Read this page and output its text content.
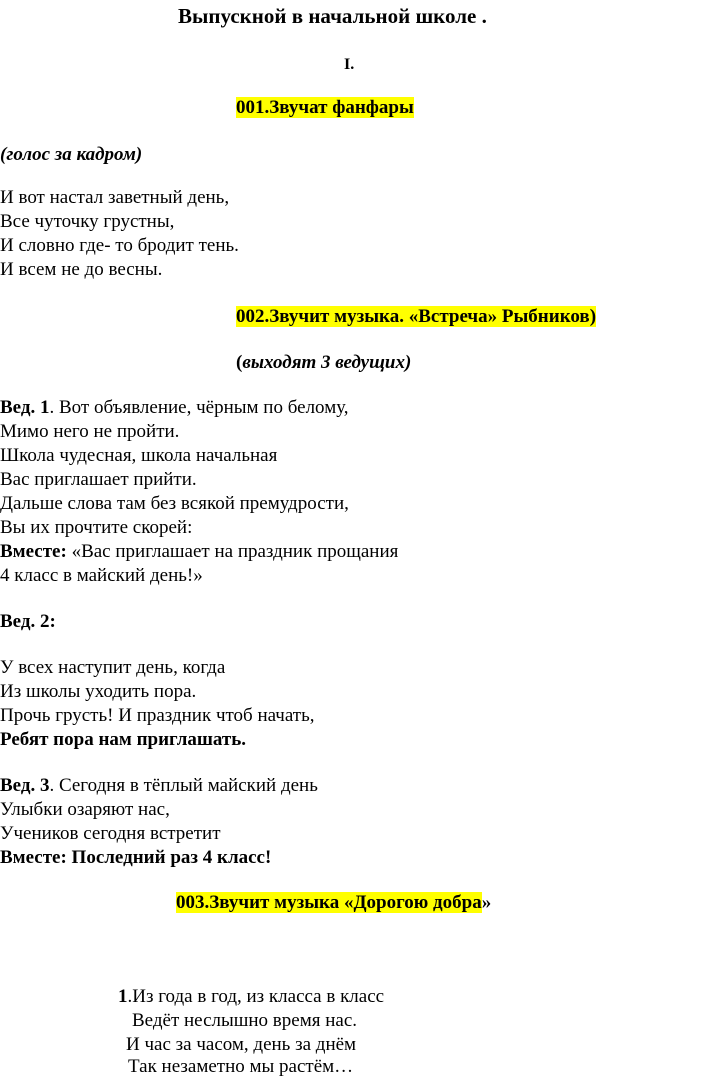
Выпускной в начальной школе .
I.
001.Звучат фанфары
(голос за кадром)
И вот настал заветный день,
Все чуточку грустны,
И словно где- то бродит тень.
И всем не до весны.
002.Звучит музыка. «Встреча» Рыбников)
(выходят 3 ведущих)
Вед. 1. Вот объявление, чёрным по белому,
Мимо него не пройти.
Школа чудесная, школа начальная
Вас приглашает прийти.
Дальше слова там без всякой премудрости,
Вы их прочтите скорей:
Вместе: «Вас приглашает на праздник прощания
4 класс в майский день!»
Вед. 2:
У всех наступит день, когда
Из школы уходить пора.
Прочь грусть! И праздник чтоб начать,
Ребят пора нам приглашать.
Вед. 3. Сегодня в тёплый майский день
Улыбки озаряют нас,
Учеников сегодня встретит
Вместе: Последний раз 4 класс!
003.Звучит музыка «Дорогою добра»
1.Из года в год, из класса в класс
Ведёт неслышно время нас.
И час за часом, день за днём
Так незаметно мы растём…
